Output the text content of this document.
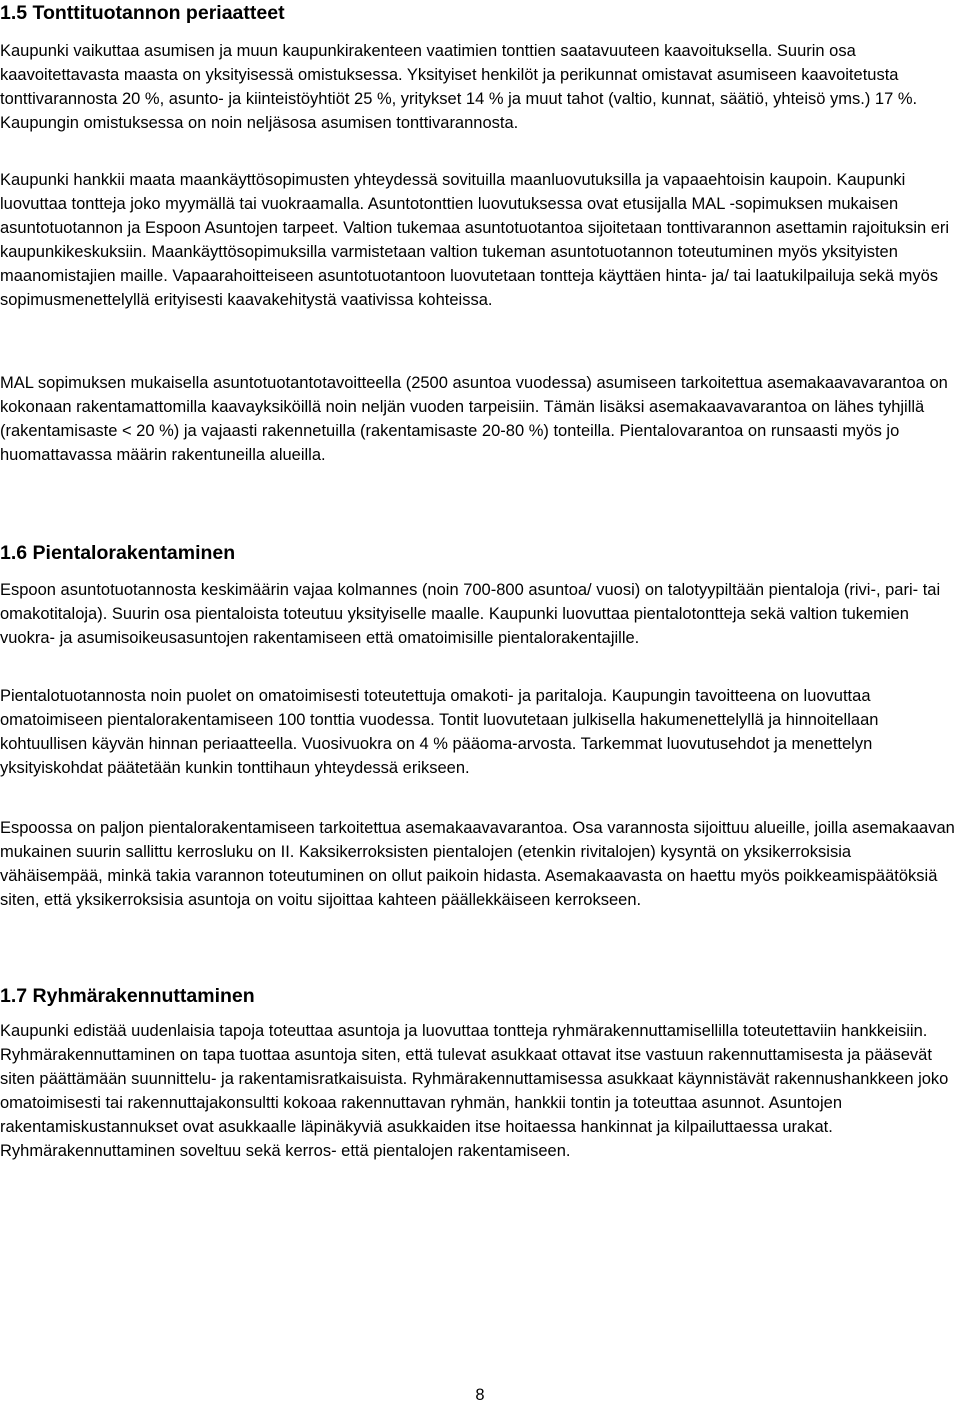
1.5 Tonttituotannon periaatteet

Kaupunki vaikuttaa asumisen ja muun kaupunkirakenteen vaatimien tonttien saatavuuteen kaavoituksella. Suurin osa kaavoitettavasta maasta on yksityisessä omistuksessa. Yksityiset henkilöt ja perikunnat omistavat asumiseen kaavoitetusta tonttivarannosta 20 %, asunto- ja kiinteistöyhtiöt 25 %, yritykset 14 % ja muut tahot (valtio, kunnat, säätiö, yhteisö yms.) 17 %. Kaupungin omistuksessa on noin neljäsosa asumisen tonttivarannosta.

Kaupunki hankkii maata maankäyttösopimusten yhteydessä sovituilla maanluovutuksilla ja vapaaehtoisin kaupoin. Kaupunki luovuttaa tontteja joko myymällä tai vuokraamalla. Asuntotonttien luovutuksessa ovat etusijalla MAL -sopimuksen mukaisen asuntotuotannon ja Espoon Asuntojen tarpeet. Valtion tukemaa asuntotuotantoa sijoitetaan tonttivarannon asettamin rajoituksin eri kaupunkikeskuksiin. Maankäyttösopimuksilla varmistetaan valtion tukeman asuntotuotannon toteutuminen myös yksityisten maanomistajien maille. Vapaarahoitteiseen asuntotuotantoon luovutetaan tontteja käyttäen hinta- ja/ tai laatukilpailuja sekä myös sopimusmenettelyllä erityisesti kaavakehitystä vaativissa kohteissa.

MAL sopimuksen mukaisella asuntotuotantotavoitteella (2500 asuntoa vuodessa) asumiseen tarkoitettua asemakaavavarantoa on kokonaan rakentamattomilla kaavayksiköillä noin neljän vuoden tarpeisiin. Tämän lisäksi asemakaavavarantoa on lähes tyhjillä (rakentamisaste < 20 %) ja vajaasti rakennetuilla (rakentamisaste 20-80 %) tonteilla. Pientalovarantoa on runsaasti myös jo huomattavassa määrin rakentuneilla alueilla.

1.6 Pientalorakentaminen

Espoon asuntotuotannosta keskimäärin vajaa kolmannes (noin 700-800 asuntoa/ vuosi) on talotyypiltään pientaloja (rivi-, pari- tai omakotitaloja). Suurin osa pientaloista toteutuu yksityiselle maalle. Kaupunki luovuttaa pientalotontteja sekä valtion tukemien vuokra- ja asumisoikeusasuntojen rakentamiseen että omatoimisille pientalorakentajille.

Pientalotuotannosta noin puolet on omatoimisesti toteutettuja omakoti- ja paritaloja. Kaupungin tavoitteena on luovuttaa omatoimiseen pientalorakentamiseen 100 tonttia vuodessa. Tontit luovutetaan julkisella hakumenettelyllä ja hinnoitellaan kohtuullisen käyvän hinnan periaatteella. Vuosivuokra on 4 % pääoma-arvosta. Tarkemmat luovutusehdot ja menettelyn yksityiskohdat päätetään kunkin tonttihaun yhteydessä erikseen.

Espoossa on paljon pientalorakentamiseen tarkoitettua asemakaavavarantoa. Osa varannosta sijoittuu alueille, joilla asemakaavan mukainen suurin sallittu kerrosluku on II. Kaksikerroksisten pientalojen (etenkin rivitalojen) kysyntä on yksikerroksisia vähäisempää, minkä takia varannon toteutuminen on ollut paikoin hidasta. Asemakaavasta on haettu myös poikkeamispäätöksiä siten, että yksikerroksisia asuntoja on voitu sijoittaa kahteen päällekkäiseen kerrokseen.

1.7 Ryhmärakennuttaminen

Kaupunki edistää uudenlaisia tapoja toteuttaa asuntoja ja luovuttaa tontteja ryhmärakennuttamisellilla toteutettaviin hankkeisiin. Ryhmärakennuttaminen on tapa tuottaa asuntoja siten, että tulevat asukkaat ottavat itse vastuun rakennuttamisesta ja pääsevät siten päättämään suunnittelu- ja rakentamisratkaisuista. Ryhmärakennuttamisessa asukkaat käynnistävät rakennushankkeen joko omatoimisesti tai rakennuttajakonsultti kokoaa rakennuttavan ryhmän, hankkii tontin ja toteuttaa asunnot. Asuntojen rakentamiskustannukset ovat asukkaalle läpinäkyviä asukkaiden itse hoitaessa hankinnat ja kilpailuttaessa urakat. Ryhmärakennuttaminen soveltuu sekä kerros- että pientalojen rakentamiseen.

8
